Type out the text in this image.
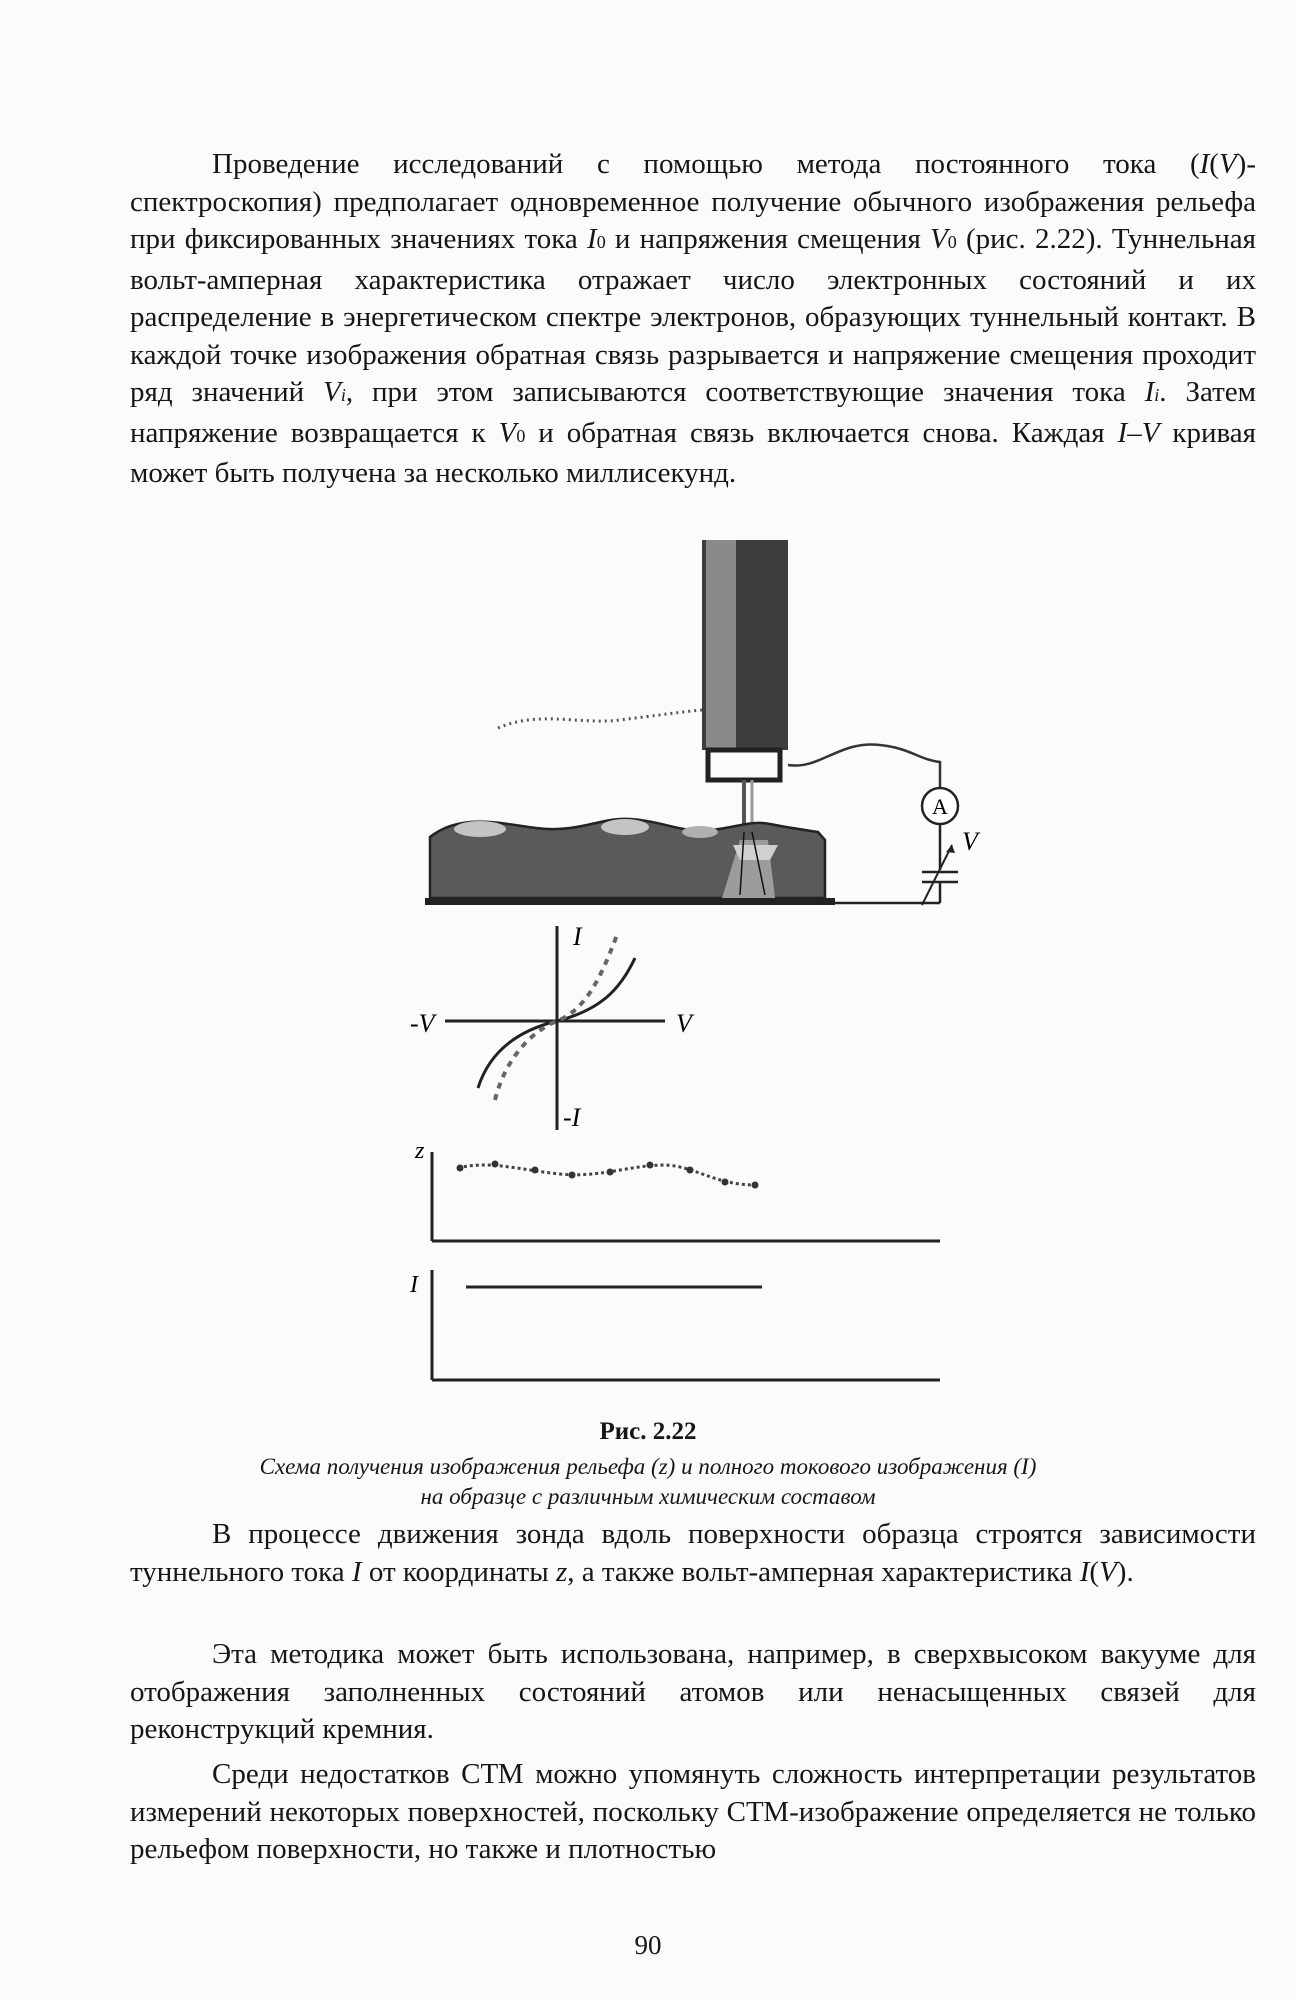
Проведение исследований с помощью метода постоянного тока (I(V)-спектроскопия) предполагает одновременное получение обычного изображения рельефа при фиксированных значениях тока I0 и напряжения смещения V0 (рис. 2.22). Туннельная вольт-амперная характеристика отражает число электронных состояний и их распределение в энергетическом спектре электронов, образующих туннельный контакт. В каждой точке изображения обратная связь разрывается и напряжение смещения проходит ряд значений Vi, при этом записываются соответствующие значения тока Ii. Затем напряжение возвращается к V0 и обратная связь включается снова. Каждая I–V кривая может быть получена за несколько миллисекунд.

A
V
I
-I
V
-V
z
I
Рис. 2.22
Схема получения изображения рельефа (z) и полного токового изображения (I)
на образце с различным химическим составом

В процессе движения зонда вдоль поверхности образца строятся зависимости туннельного тока I от координаты z, а также вольт-амперная характеристика I(V).

Эта методика может быть использована, например, в сверхвысоком вакууме для отображения заполненных состояний атомов или ненасыщенных связей для реконструкций кремния.

Среди недостатков СТМ можно упомянуть сложность интерпретации результатов измерений некоторых поверхностей, поскольку СТМ-изображение определяется не только рельефом поверхности, но также и плотностью

90
